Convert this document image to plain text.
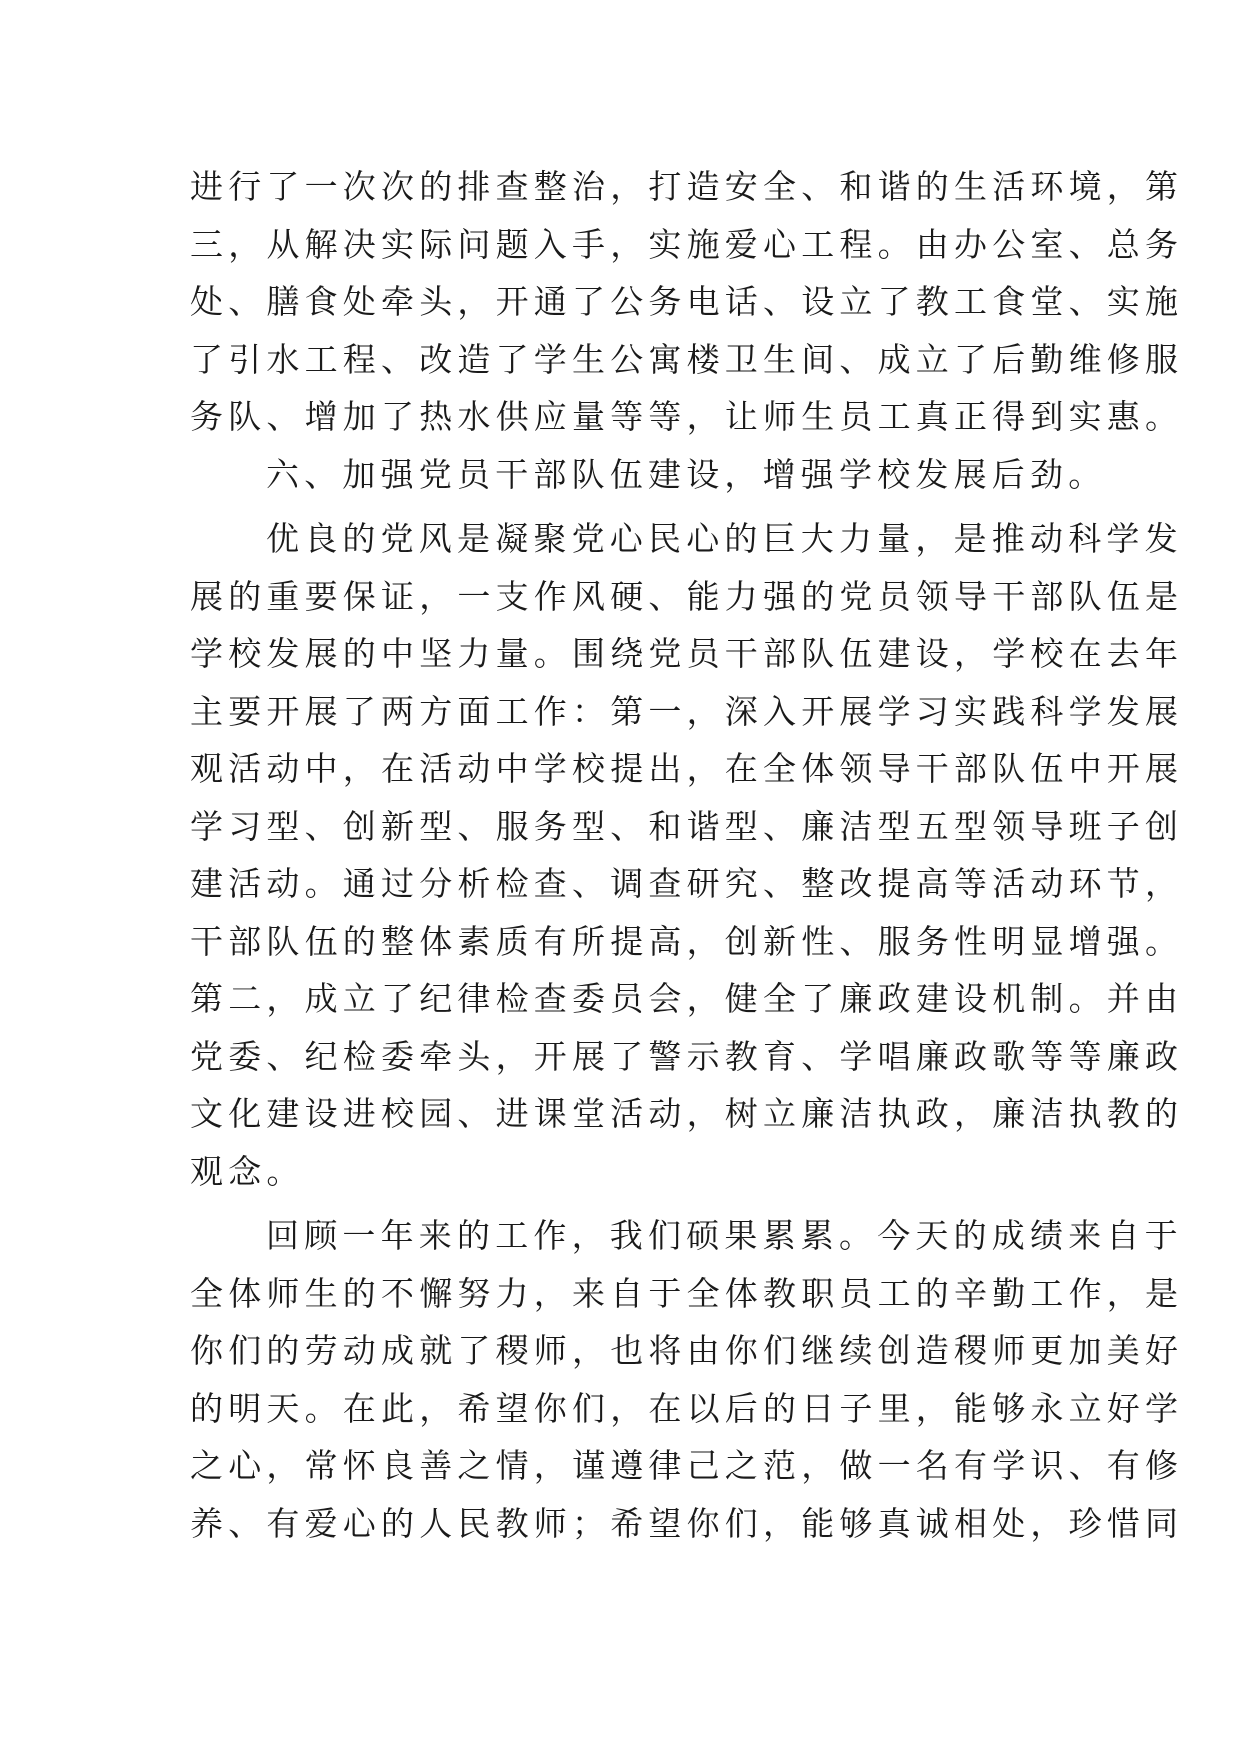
进行了一次次的排查整治，打造安全、和谐的生活环境，第
三，从解决实际问题入手，实施爱心工程。由办公室、总务
处、膳食处牵头，开通了公务电话、设立了教工食堂、实施
了引水工程、改造了学生公寓楼卫生间、成立了后勤维修服
务队、增加了热水供应量等等，让师生员工真正得到实惠。
六、加强党员干部队伍建设，增强学校发展后劲。
优良的党风是凝聚党心民心的巨大力量，是推动科学发
展的重要保证，一支作风硬、能力强的党员领导干部队伍是
学校发展的中坚力量。围绕党员干部队伍建设，学校在去年
主要开展了两方面工作：第一，深入开展学习实践科学发展
观活动中，在活动中学校提出，在全体领导干部队伍中开展
学习型、创新型、服务型、和谐型、廉洁型五型领导班子创
建活动。通过分析检查、调查研究、整改提高等活动环节，
干部队伍的整体素质有所提高，创新性、服务性明显增强。
第二，成立了纪律检查委员会，健全了廉政建设机制。并由
党委、纪检委牵头，开展了警示教育、学唱廉政歌等等廉政
文化建设进校园、进课堂活动，树立廉洁执政，廉洁执教的
观念。
回顾一年来的工作，我们硕果累累。今天的成绩来自于
全体师生的不懈努力，来自于全体教职员工的辛勤工作，是
你们的劳动成就了稷师，也将由你们继续创造稷师更加美好
的明天。在此，希望你们，在以后的日子里，能够永立好学
之心，常怀良善之情，谨遵律己之范，做一名有学识、有修
养、有爱心的人民教师；希望你们，能够真诚相处，珍惜同
